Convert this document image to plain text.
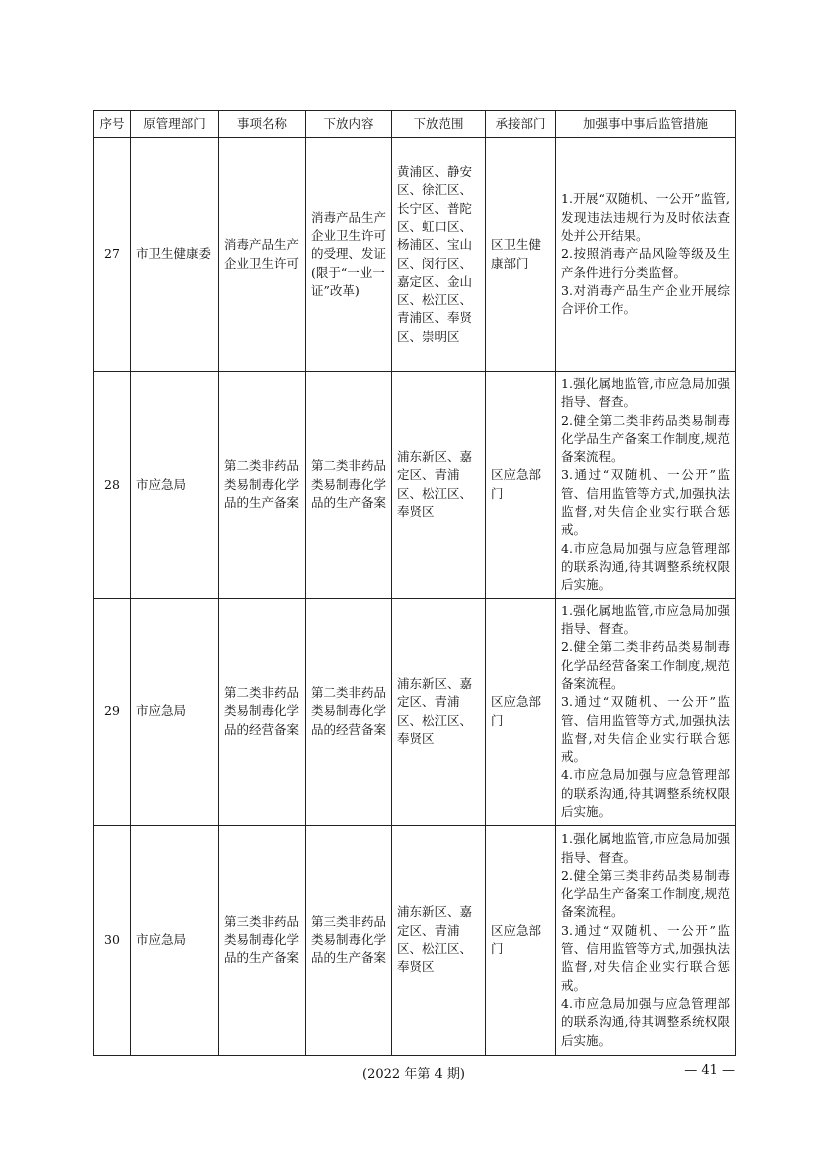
序号	原管理部门	事项名称	下放内容	下放范围	承接部门	加强事中事后监管措施
27	市卫生健康委	消毒产品生产企业卫生许可	消毒产品生产企业卫生许可的受理、发证(限于“一业一证”改革)	黄浦区、静安区、徐汇区、长宁区、普陀区、虹口区、杨浦区、宝山区、闵行区、嘉定区、金山区、松江区、青浦区、奉贤区、崇明区	区卫生健康部门	1.开展“双随机、一公开”监管,发现违法违规行为及时依法查处并公开结果。
2.按照消毒产品风险等级及生产条件进行分类监督。
3.对消毒产品生产企业开展综合评价工作。

28	市应急局	第二类非药品类易制毒化学品的生产备案	第二类非药品类易制毒化学品的生产备案	浦东新区、嘉定区、青浦区、松江区、奉贤区	区应急部门	1.强化属地监管,市应急局加强指导、督查。
2.健全第二类非药品类易制毒化学品生产备案工作制度,规范备案流程。
3.通过“双随机、一公开”监管、信用监管等方式,加强执法监督,对失信企业实行联合惩戒。
4.市应急局加强与应急管理部的联系沟通,待其调整系统权限后实施。

29	市应急局	第二类非药品类易制毒化学品的经营备案	第二类非药品类易制毒化学品的经营备案	浦东新区、嘉定区、青浦区、松江区、奉贤区	区应急部门	1.强化属地监管,市应急局加强指导、督查。
2.健全第二类非药品类易制毒化学品经营备案工作制度,规范备案流程。
3.通过“双随机、一公开”监管、信用监管等方式,加强执法监督,对失信企业实行联合惩戒。
4.市应急局加强与应急管理部的联系沟通,待其调整系统权限后实施。

30	市应急局	第三类非药品类易制毒化学品的生产备案	第三类非药品类易制毒化学品的生产备案	浦东新区、嘉定区、青浦区、松江区、奉贤区	区应急部门	1.强化属地监管,市应急局加强指导、督查。
2.健全第三类非药品类易制毒化学品生产备案工作制度,规范备案流程。
3.通过“双随机、一公开”监管、信用监管等方式,加强执法监督,对失信企业实行联合惩戒。
4.市应急局加强与应急管理部的联系沟通,待其调整系统权限后实施。
(2022 年第 4 期)	— 41 —
